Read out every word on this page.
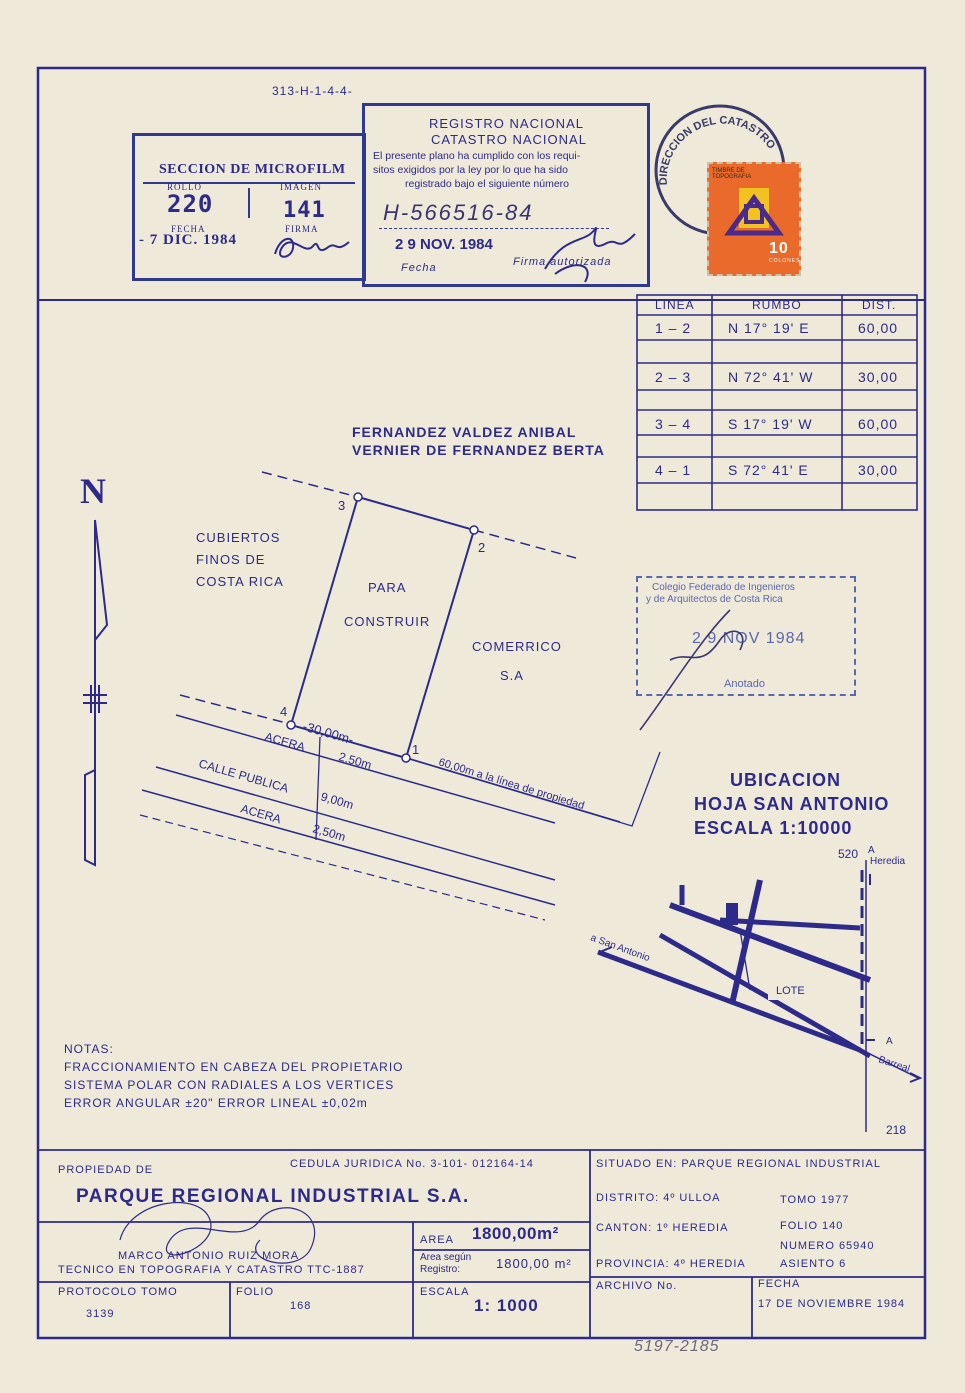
313-H-1-4-4-
SECCION DE MICROFILM
ROLLO	IMAGEN
220	141
FECHA	FIRMA
- 7 DIC. 1984
REGISTRO NACIONAL
CATASTRO NACIONAL
El presente plano ha cumplido con los requi-
sitos exigidos por la ley por lo que ha sido
registrado bajo el siguiente número
H-566516-84
2 9 NOV. 1984
Fecha	Firma autorizada
DIRECCION DEL CATASTRO
TIMBRE DE TOPOGRAFIA
10
COLONES
LINEA	RUMBO	DIST.
1 – 2	N 17° 19' E	60,00
2 – 3	N 72° 41' W	30,00
3 – 4	S 17° 19' W	60,00
4 – 1	S 72° 41' E	30,00
FERNANDEZ VALDEZ ANIBAL
VERNIER DE FERNANDEZ BERTA
N	3
2
1
4
-30,00m-
ACERA
2,50m
CALLE PUBLICA
9,00m
ACERA
2,50m
60,00m a la línea de propiedad
CUBIERTOS
FINOS DE
COSTA RICA	PARA
CONSTRUIR
COMERRICO
S.A
Colegio Federado de Ingenieros
y de Arquitectos de Costa Rica
2 9 NOV 1984
Anotado
UBICACION
HOJA SAN ANTONIO
ESCALA 1:10000
520 A
Heredia
a San Antonio
LOTE
A
Barreal
218
NOTAS:
FRACCIONAMIENTO EN CABEZA DEL PROPIETARIO
SISTEMA POLAR CON RADIALES A LOS VERTICES
ERROR ANGULAR ±20" ERROR LINEAL ±0,02m
PROPIEDAD DE	CEDULA JURIDICA No. 3-101- 012164-14
PARQUE REGIONAL INDUSTRIAL S.A.
MARCO ANTONIO RUIZ MORA
TECNICO EN TOPOGRAFIA Y CATASTRO TTC-1887
AREA 1800,00m²
Area según
Registro:	1800,00 m²
PROTOCOLO TOMO
3139
FOLIO
168
ESCALA
1: 1000
SITUADO EN: PARQUE REGIONAL INDUSTRIAL
DISTRITO: 4º ULLOA
CANTON: 1º HEREDIA
PROVINCIA: 4º HEREDIA
TOMO 1977
FOLIO 140
NUMERO 65940
ASIENTO 6
ARCHIVO No.	FECHA
17 DE NOVIEMBRE 1984
5197-2185
